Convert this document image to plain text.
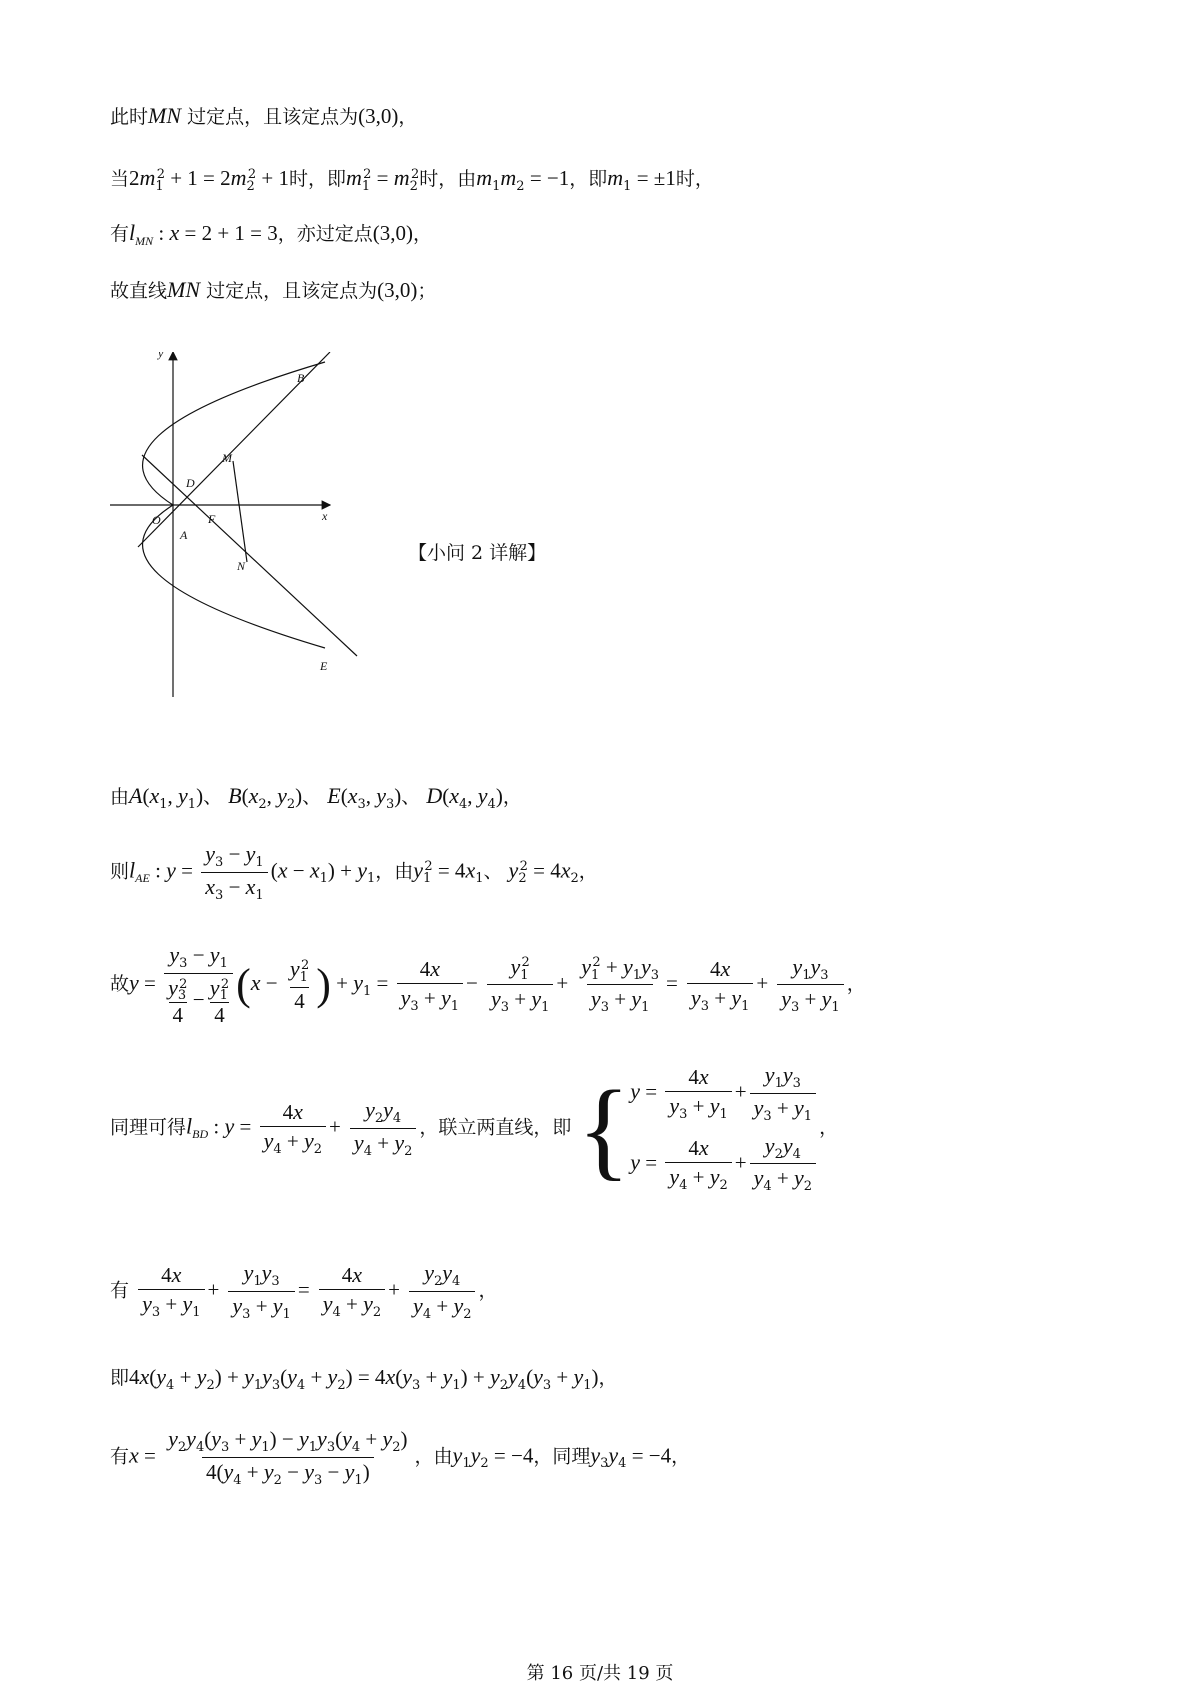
此时MN 过定点，且该定点为(3,0)，
当$2m_1^2 + 1 = 2m_2^2 + 1$时，即$m_1^2 = m_2^2$时，由$m_1m_2 = -1$，即$m_1 = \pm 1$时，
有$l_{MN}$ : x = 2 + 1 = 3，亦过定点(3,0)，
故直线MN 过定点，且该定点为(3,0)；
y
x
O
A
D
F
M
N
B
E
【小问 2 详解】
由$A(x_1$, $y_1$)、 $B(x_2$, $y_2$)、 $E(x_3$, $y_3$)、 $D(x_4$, $y_4$)，
则$l_{AE}$ : $y = \frac{y_3 - y_1}{x_3 - x_1} (x - x_1) + y_1$，由$y_1^2 = 4x_1$、 $y_2^2 = 4x_2$，
故$y = y_3 - y_1$
$y_3^2$
4
− $y_1^2$
4 ($x - \frac{y_1^2}{4}$ ) + $y_1 = \frac{4x}{y_3 + y_1} - \frac{y_1^2}{y_3 + y_1} + \frac{y_1^2 + y_1y_3}{y_3 + y_1} = \frac{4x}{y_3 + y_1} + \frac{y_1y_3}{y_3 + y_1}$ ，
同理可得$l_{BD}$ : $y = \frac{4x}{y_4 + y_2} + \frac{y_2y_4}{y_4 + y_2}$ ，联立两直线，即 { $y = \frac{4x}{y_3 + y_1} + \frac{y_1y_3}{y_3 + y_1}$
$y = \frac{4x}{y_4 + y_2} + \frac{y_2y_4}{y_4 + y_2}$
，
有 $\frac{4x}{y_3 + y_1} + \frac{y_1y_3}{y_3 + y_1} = \frac{4x}{y_4 + y_2} + \frac{y_2y_4}{y_4 + y_2}$ ，
即$4x(y_4 + y_2) + y_1y_3(y_4 + y_2) = 4x(y_3 + y_1) + y_2y_4(y_3 + y_1)$，
有$x = \frac{y_2y_4(y_3 + y_1) - y_1y_3(y_4 + y_2)}{4(y_4 + y_2 - y_3 - y_1)}$ ，由$y_1y_2 = -4$，同理$y_3y_4 = -4$，
第 16 页/共 19 页
